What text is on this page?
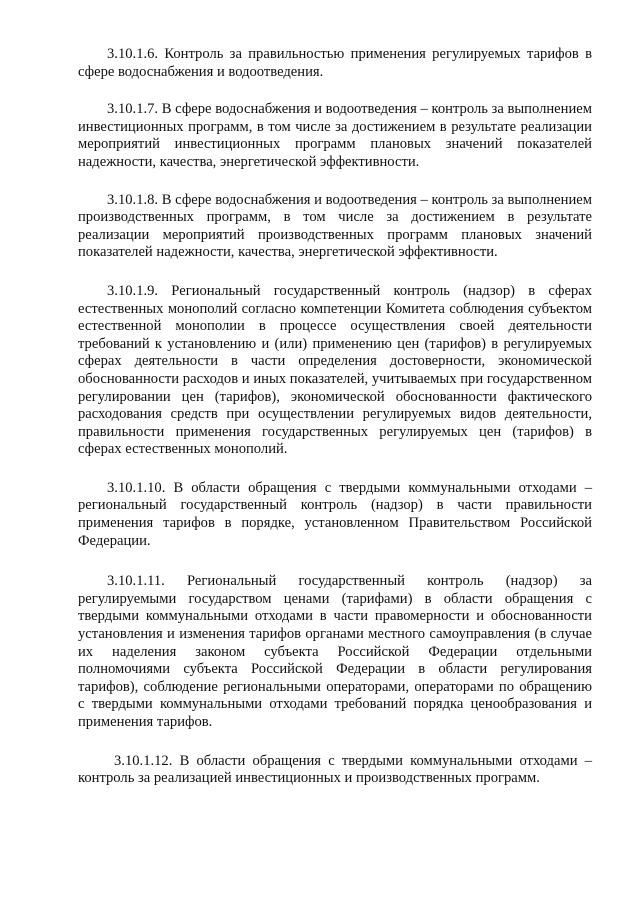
3.10.1.6. Контроль за правильностью применения регулируемых тарифов в сфере водоснабжения и водоотведения.

3.10.1.7. В сфере водоснабжения и водоотведения – контроль за выполнением инвестиционных программ, в том числе за достижением в результате реализации мероприятий инвестиционных программ плановых значений показателей надежности, качества, энергетической эффективности.

3.10.1.8. В сфере водоснабжения и водоотведения – контроль за выполнением производственных программ, в том числе за достижением в результате реализации мероприятий производственных программ плановых значений показателей надежности, качества, энергетической эффективности.

3.10.1.9. Региональный государственный контроль (надзор) в сферах естественных монополий согласно компетенции Комитета соблюдения субъектом естественной монополии в процессе осуществления своей деятельности требований к установлению и (или) применению цен (тарифов) в регулируемых сферах деятельности в части определения достоверности, экономической обоснованности расходов и иных показателей, учитываемых при государственном регулировании цен (тарифов), экономической обоснованности фактического расходования средств при осуществлении регулируемых видов деятельности, правильности применения государственных регулируемых цен (тарифов) в сферах естественных монополий.

3.10.1.10. В области обращения с твердыми коммунальными отходами – региональный государственный контроль (надзор) в части правильности применения тарифов в порядке, установленном Правительством Российской Федерации.

3.10.1.11. Региональный государственный контроль (надзор) за регулируемыми государством ценами (тарифами) в области обращения с твердыми коммунальными отходами в части правомерности и обоснованности установления и изменения тарифов органами местного самоуправления (в случае их наделения законом субъекта Российской Федерации отдельными полномочиями субъекта Российской Федерации в области регулирования тарифов), соблюдение региональными операторами, операторами по обращению с твердыми коммунальными отходами требований порядка ценообразования и применения тарифов.

3.10.1.12. В области обращения с твердыми коммунальными отходами – контроль за реализацией инвестиционных и производственных программ.
